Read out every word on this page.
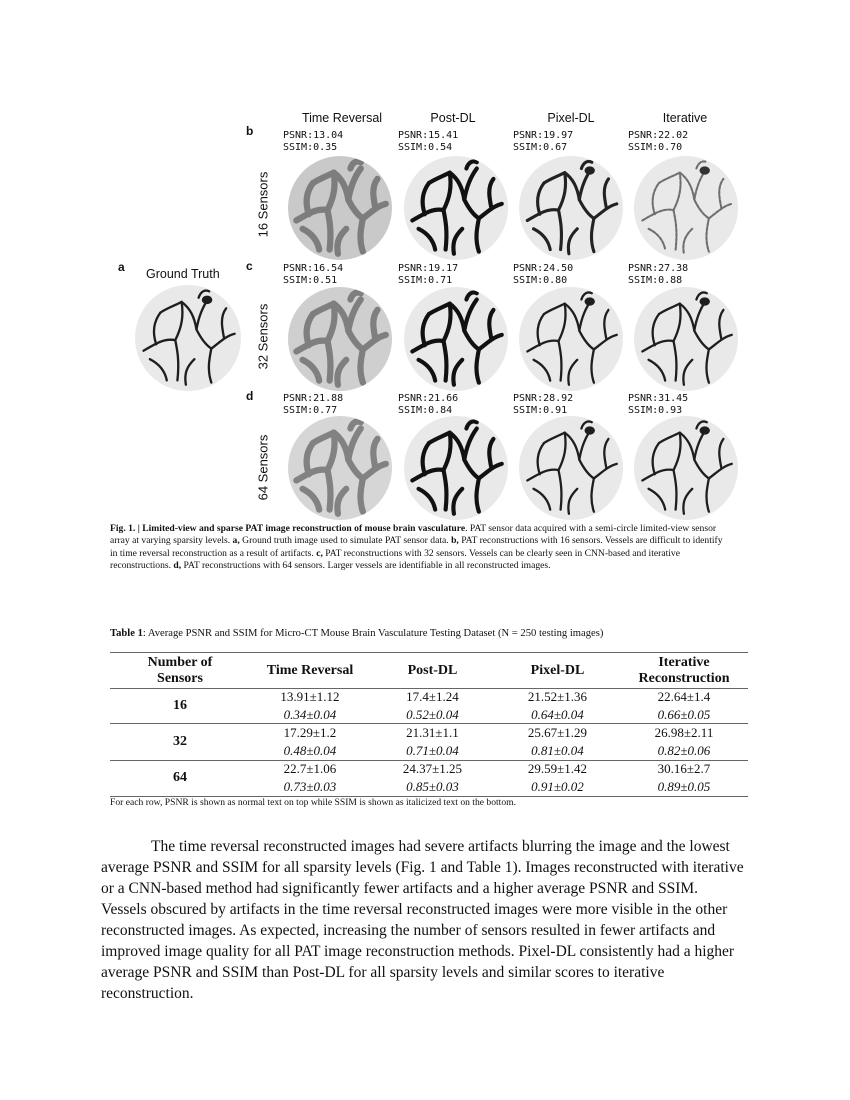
Time Reversal	Post-DL	Pixel-DL	Iterative
a Ground Truth
b
c
d
16 Sensors
32 Sensors
64 Sensors
PSNR:13.04
SSIM:0.35
PSNR:15.41
SSIM:0.54
PSNR:19.97
SSIM:0.67
PSNR:22.02
SSIM:0.70
PSNR:16.54
SSIM:0.51
PSNR:19.17
SSIM:0.71
PSNR:24.50
SSIM:0.80
PSNR:27.38
SSIM:0.88
PSNR:21.88
SSIM:0.77
PSNR:21.66
SSIM:0.84
PSNR:28.92
SSIM:0.91
PSNR:31.45
SSIM:0.93
Fig. 1. | Limited-view and sparse PAT image reconstruction of mouse brain vasculature. PAT sensor data acquired with a semi-circle limited-view sensor array at varying sparsity levels. a, Ground truth image used to simulate PAT sensor data. b, PAT reconstructions with 16 sensors. Vessels are difficult to identify in time reversal reconstruction as a result of artifacts. c, PAT reconstructions with 32 sensors. Vessels can be clearly seen in CNN-based and iterative reconstructions. d, PAT reconstructions with 64 sensors. Larger vessels are identifiable in all reconstructed images.
Table 1: Average PSNR and SSIM for Micro-CT Mouse Brain Vasculature Testing Dataset (N = 250 testing images)
Number of
Sensors	Time Reversal	Post-DL	Pixel-DL	Iterative
Reconstruction
16	13.91±1.12	17.4±1.24	21.52±1.36	22.64±1.4
	0.34±0.04	0.52±0.04	0.64±0.04	0.66±0.05
32	17.29±1.2	21.31±1.1	25.67±1.29	26.98±2.11
	0.48±0.04	0.71±0.04	0.81±0.04	0.82±0.06
64	22.7±1.06	24.37±1.25	29.59±1.42	30.16±2.7
	0.73±0.03	0.85±0.03	0.91±0.02	0.89±0.05
For each row, PSNR is shown as normal text on top while SSIM is shown as italicized text on the bottom.

The time reversal reconstructed images had severe artifacts blurring the image and the lowest average PSNR and SSIM for all sparsity levels (Fig. 1 and Table 1). Images reconstructed with iterative or a CNN-based method had significantly fewer artifacts and a higher average PSNR and SSIM. Vessels obscured by artifacts in the time reversal reconstructed images were more visible in the other reconstructed images. As expected, increasing the number of sensors resulted in fewer artifacts and improved image quality for all PAT image reconstruction methods. Pixel-DL consistently had a higher average PSNR and SSIM than Post-DL for all sparsity levels and similar scores to iterative reconstruction.
